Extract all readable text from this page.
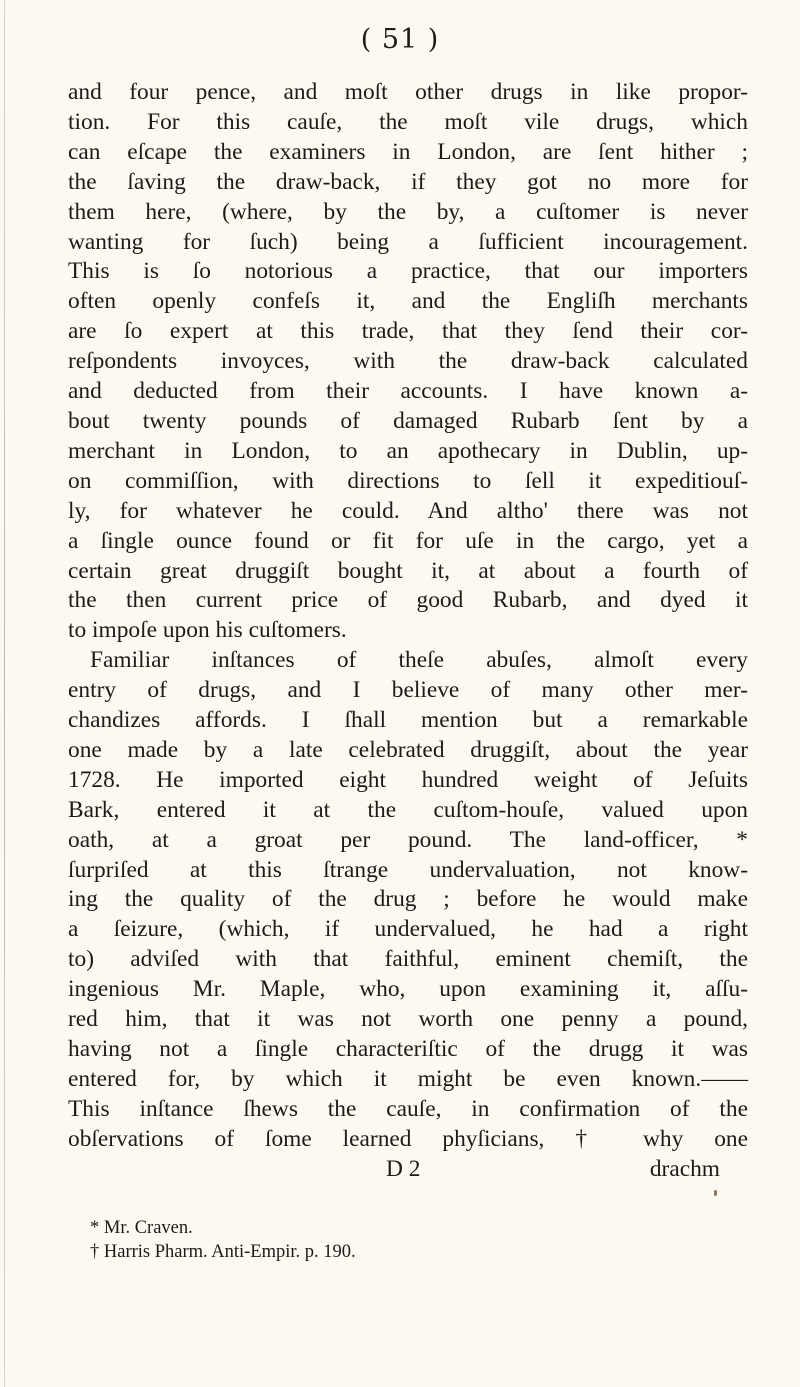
( 51 )
and four pence, and moſt other drugs in like propor-
tion. For this cauſe, the moſt vile drugs, which
can eſcape the examiners in London, are ſent hither ;
the ſaving the draw-back, if they got no more for
them here, (where, by the by, a cuſtomer is never
wanting for ſuch) being a ſufficient incouragement.
This is ſo notorious a practice, that our importers
often openly confeſs it, and the Engliſh merchants
are ſo expert at this trade, that they ſend their cor-
reſpondents invoyces, with the draw-back calculated
and deducted from their accounts. I have known a-
bout twenty pounds of damaged Rubarb ſent by a
merchant in London, to an apothecary in Dublin, up-
on commiſſion, with directions to ſell it expeditiouſ-
ly, for whatever he could. And altho' there was not
a ſingle ounce found or fit for uſe in the cargo, yet a
certain great druggiſt bought it, at about a fourth of
the then current price of good Rubarb, and dyed it
to impoſe upon his cuſtomers.
Familiar inſtances of theſe abuſes, almoſt every
entry of drugs, and I believe of many other mer-
chandizes affords. I ſhall mention but a remarkable
one made by a late celebrated druggiſt, about the year
1728. He imported eight hundred weight of Jeſuits
Bark, entered it at the cuſtom-houſe, valued upon
oath, at a groat per pound. The land-officer, *
ſurpriſed at this ſtrange undervaluation, not know-
ing the quality of the drug ; before he would make
a ſeizure, (which, if undervalued, he had a right
to) adviſed with that faithful, eminent chemiſt, the
ingenious Mr. Maple, who, upon examining it, aſſu-
red him, that it was not worth one penny a pound,
having not a ſingle characteriſtic of the drugg it was
entered for, by which it might be even known.——
This inſtance ſhews the cauſe, in confirmation of the
obſervations of ſome learned phyſicians, † why one
D 2	drachm
* Mr. Craven.
† Harris Pharm. Anti-Empir. p. 190.
